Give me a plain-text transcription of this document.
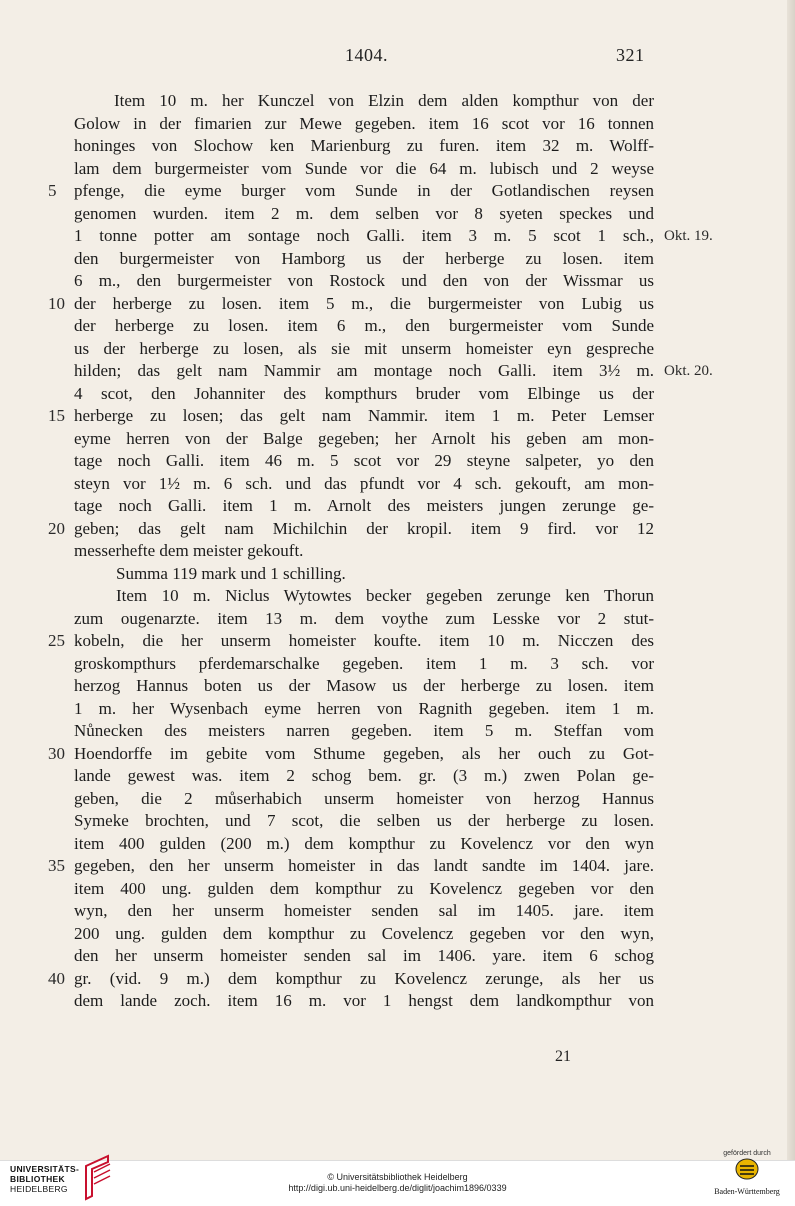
1404.	321
Item 10 m. her Kunczel von Elzin dem alden kompthur von der
Golow in der fimarien zur Mewe gegeben. item 16 scot vor 16 tonnen
honinges von Slochow ken Marienburg zu furen. item 32 m. Wolff-
lam dem burgermeister vom Sunde vor die 64 m. lubisch und 2 weyse
5	pfenge, die eyme burger vom Sunde in der Gotlandischen reysen
genomen wurden. item 2 m. dem selben vor 8 syeten speckes und
1 tonne potter am sontage noch Galli. item 3 m. 5 scot 1 sch., Okt. 19.
den burgermeister von Hamborg us der herberge zu losen. item
6 m., den burgermeister von Rostock und den von der Wissmar us
10 der herberge zu losen. item 5 m., die burgermeister von Lubig us
der herberge zu losen. item 6 m., den burgermeister vom Sunde
us der herberge zu losen, als sie mit unserm homeister eyn gespreche
hilden; das gelt nam Nammir am montage noch Galli. item 3½ m. Okt. 20.
4 scot, den Johanniter des kompthurs bruder vom Elbinge us der
15 herberge zu losen; das gelt nam Nammir. item 1 m. Peter Lemser
eyme herren von der Balge gegeben; her Arnolt his geben am mon-
tage noch Galli. item 46 m. 5 scot vor 29 steyne salpeter, yo den
steyn vor 1½ m. 6 sch. und das pfundt vor 4 sch. gekouft, am mon-
tage noch Galli. item 1 m. Arnolt des meisters jungen zerunge ge-
20 geben; das gelt nam Michilchin der kropil. item 9 fird. vor 12
messerhefte dem meister gekouft.
Summa 119 mark und 1 schilling.
Item 10 m. Niclus Wytowtes becker gegeben zerunge ken Thorun
zum ougenarzte. item 13 m. dem voythe zum Lesske vor 2 stut-
25 kobeln, die her unserm homeister koufte. item 10 m. Nicczen des
groskompthurs pferdemarschalke gegeben. item 1 m. 3 sch. vor
herzog Hannus boten us der Masow us der herberge zu losen. item
1 m. her Wysenbach eyme herren von Ragnith gegeben. item 1 m.
Nůnecken des meisters narren gegeben. item 5 m. Steffan vom
30 Hoendorffe im gebite vom Sthume gegeben, als her ouch zu Got-
lande gewest was. item 2 schog bem. gr. (3 m.) zwen Polan ge-
geben, die 2 můserhabich unserm homeister von herzog Hannus
Symeke brochten, und 7 scot, die selben us der herberge zu losen.
item 400 gulden (200 m.) dem kompthur zu Kovelencz vor den wyn
35 gegeben, den her unserm homeister in das landt sandte im 1404. jare.
item 400 ung. gulden dem kompthur zu Kovelencz gegeben vor den
wyn, den her unserm homeister senden sal im 1405. jare. item
200 ung. gulden dem kompthur zu Covelencz gegeben vor den wyn,
den her unserm homeister senden sal im 1406. yare. item 6 schog
40 gr. (vid. 9 m.) dem kompthur zu Kovelencz zerunge, als her us
dem lande zoch. item 16 m. vor 1 hengst dem landkompthur von
21
UNIVERSITÄTS-
BIBLIOTHEK
HEIDELBERG
© Universitätsbibliothek Heidelberg
http://digi.ub.uni-heidelberg.de/diglit/joachim1896/0339
gefördert durch
Baden-Württemberg
